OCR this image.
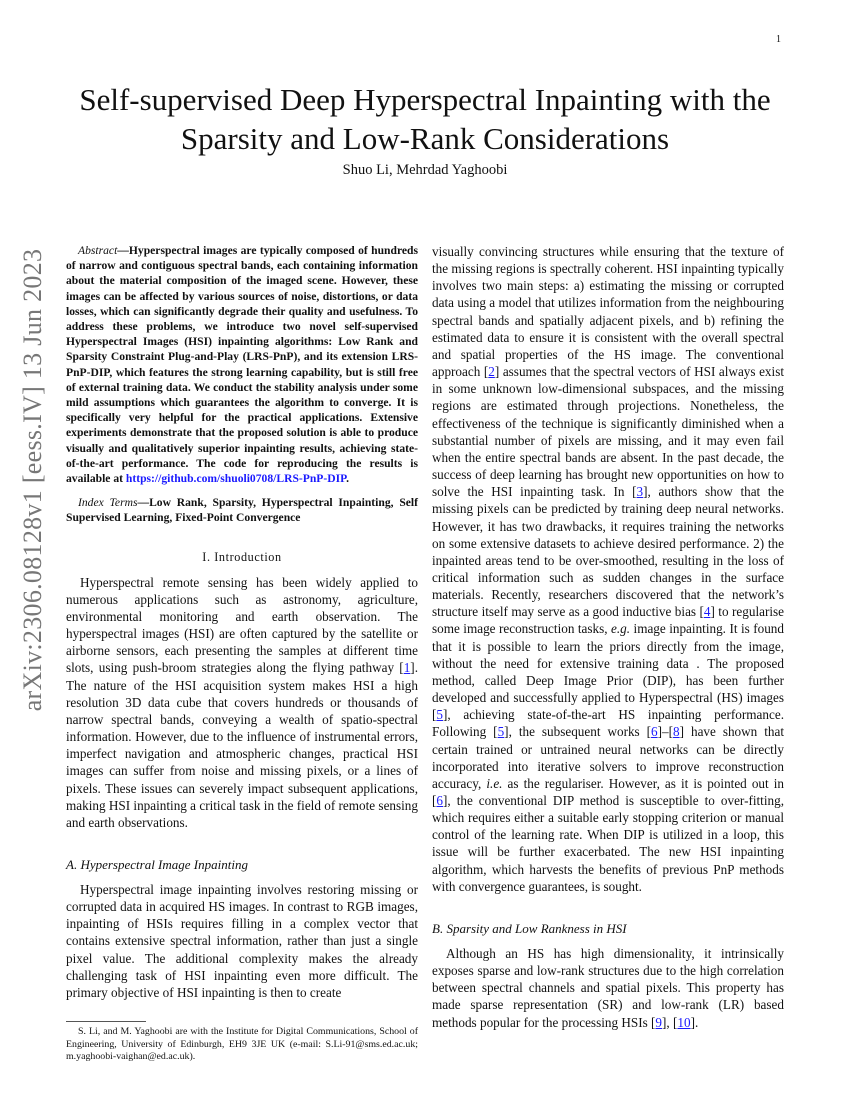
1
Self-supervised Deep Hyperspectral Inpainting with the Sparsity and Low-Rank Considerations
Shuo Li, Mehrdad Yaghoobi
arXiv:2306.08128v1 [eess.IV] 13 Jun 2023	Abstract—Hyperspectral images are typically composed of hundreds of narrow and contiguous spectral bands, each containing information about the material composition of the imaged scene. However, these images can be affected by various sources of noise, distortions, or data losses, which can significantly degrade their quality and usefulness. To address these problems, we introduce two novel self-supervised Hyperspectral Images (HSI) inpainting algorithms: Low Rank and Sparsity Constraint Plug-and-Play (LRS-PnP), and its extension LRS-PnP-DIP, which features the strong learning capability, but is still free of external training data. We conduct the stability analysis under some mild assumptions which guarantees the algorithm to converge. It is specifically very helpful for the practical applications. Extensive experiments demonstrate that the proposed solution is able to produce visually and qualitatively superior inpainting results, achieving state-of-the-art performance. The code for reproducing the results is available at https://github.com/shuoli0708/LRS-PnP-DIP.

Index Terms—Low Rank, Sparsity, Hyperspectral Inpainting, Self Supervised Learning, Fixed-Point Convergence

I. Introduction

Hyperspectral remote sensing has been widely applied to numerous applications such as astronomy, agriculture, environmental monitoring and earth observation. The hyperspectral images (HSI) are often captured by the satellite or airborne sensors, each presenting the samples at different time slots, using push-broom strategies along the flying pathway [1]. The nature of the HSI acquisition system makes HSI a high resolution 3D data cube that covers hundreds or thousands of narrow spectral bands, conveying a wealth of spatio-spectral information. However, due to the influence of instrumental errors, imperfect navigation and atmospheric changes, practical HSI images can suffer from noise and missing pixels, or a lines of pixels. These issues can severely impact subsequent applications, making HSI inpainting a critical task in the field of remote sensing and earth observations.

A. Hyperspectral Image Inpainting

Hyperspectral image inpainting involves restoring missing or corrupted data in acquired HS images. In contrast to RGB images, inpainting of HSIs requires filling in a complex vector that contains extensive spectral information, rather than just a single pixel value. The additional complexity makes the already challenging task of HSI inpainting even more difficult. The primary objective of HSI inpainting is then to create

S. Li, and M. Yaghoobi are with the Institute for Digital Communications, School of Engineering, University of Edinburgh, EH9 3JE UK (e-mail: S.Li-91@sms.ed.ac.uk; m.yaghoobi-vaighan@ed.ac.uk).

visually convincing structures while ensuring that the texture of the missing regions is spectrally coherent. HSI inpainting typically involves two main steps: a) estimating the missing or corrupted data using a model that utilizes information from the neighbouring spectral bands and spatially adjacent pixels, and b) refining the estimated data to ensure it is consistent with the overall spectral and spatial properties of the HS image. The conventional approach [2] assumes that the spectral vectors of HSI always exist in some unknown low-dimensional subspaces, and the missing regions are estimated through projections. Nonetheless, the effectiveness of the technique is significantly diminished when a substantial number of pixels are missing, and it may even fail when the entire spectral bands are absent. In the past decade, the success of deep learning has brought new opportunities on how to solve the HSI inpainting task. In [3], authors show that the missing pixels can be predicted by training deep neural networks. However, it has two drawbacks, it requires training the networks on some extensive datasets to achieve desired performance. 2) the inpainted areas tend to be over-smoothed, resulting in the loss of critical information such as sudden changes in the surface materials. Recently, researchers discovered that the network’s structure itself may serve as a good inductive bias [4] to regularise some image reconstruction tasks, e.g. image inpainting. It is found that it is possible to learn the priors directly from the image, without the need for extensive training data . The proposed method, called Deep Image Prior (DIP), has been further developed and successfully applied to Hyperspectral (HS) images [5], achieving state-of-the-art HS inpainting performance. Following [5], the subsequent works [6]–[8] have shown that certain trained or untrained neural networks can be directly incorporated into iterative solvers to improve reconstruction accuracy, i.e. as the regulariser. However, as it is pointed out in [6], the conventional DIP method is susceptible to over-fitting, which requires either a suitable early stopping criterion or manual control of the learning rate. When DIP is utilized in a loop, this issue will be further exacerbated. The new HSI inpainting algorithm, which harvests the benefits of previous PnP methods with convergence guarantees, is sought.

B. Sparsity and Low Rankness in HSI

Although an HS has high dimensionality, it intrinsically exposes sparse and low-rank structures due to the high correlation between spectral channels and spatial pixels. This property has made sparse representation (SR) and low-rank (LR) based methods popular for the processing HSIs [9], [10].
